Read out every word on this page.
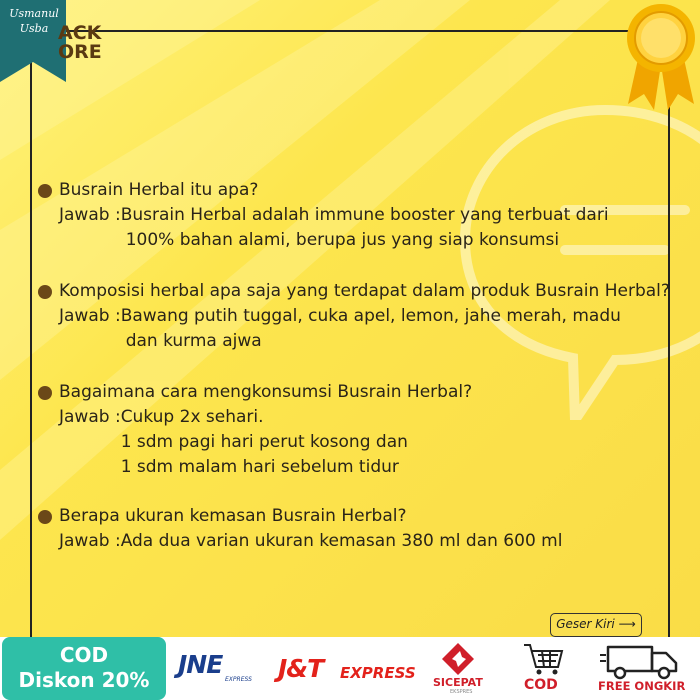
Usmanul
Usba ACK
ORE
Busrain Herbal itu apa?
Jawab : Busrain Herbal adalah immune booster yang terbuat dari
100% bahan alami, berupa jus yang siap konsumsi
Komposisi herbal apa saja yang terdapat dalam produk Busrain Herbal?
Jawab : Bawang putih tuggal, cuka apel, lemon, jahe merah, madu
dan kurma ajwa
Bagaimana cara mengkonsumsi Busrain Herbal?
Jawab : Cukup 2x sehari.
1 sdm pagi hari perut kosong dan
1 sdm malam hari sebelum tidur
Berapa ukuran kemasan Busrain Herbal?
Jawab : Ada dua varian ukuran kemasan 380 ml dan 600 ml
Geser Kiri ⟶
COD
Diskon 20%
JNE
EXPRESS J&T EXPRESS
SICEPAT
EKSPRES	COD	FREE ONGKIR
